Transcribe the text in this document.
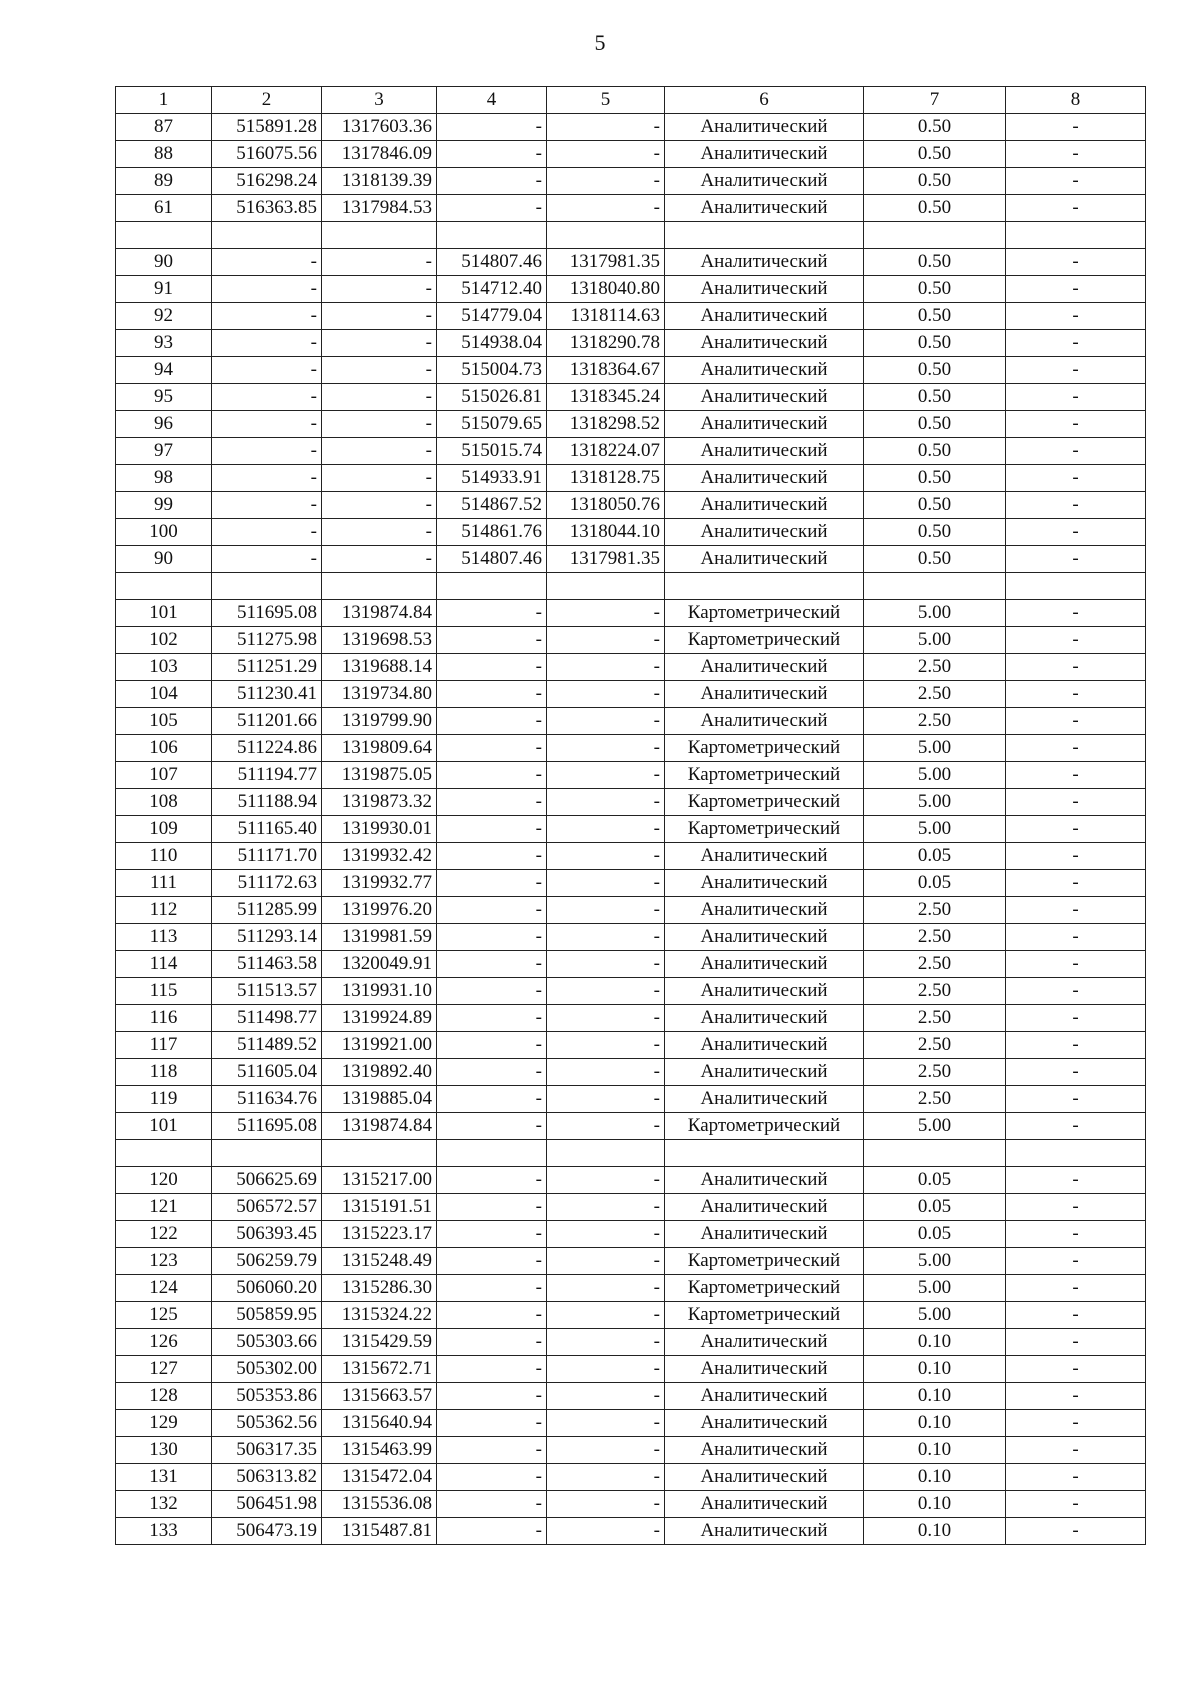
5
1	2	3	4	5	6	7	8
87	515891.28	1317603.36	-	-	Аналитический	0.50	-
88	516075.56	1317846.09	-	-	Аналитический	0.50	-
89	516298.24	1318139.39	-	-	Аналитический	0.50	-
61	516363.85	1317984.53	-	-	Аналитический	0.50	-

90	-	-	514807.46	1317981.35	Аналитический	0.50	-
91	-	-	514712.40	1318040.80	Аналитический	0.50	-
92	-	-	514779.04	1318114.63	Аналитический	0.50	-
93	-	-	514938.04	1318290.78	Аналитический	0.50	-
94	-	-	515004.73	1318364.67	Аналитический	0.50	-
95	-	-	515026.81	1318345.24	Аналитический	0.50	-
96	-	-	515079.65	1318298.52	Аналитический	0.50	-
97	-	-	515015.74	1318224.07	Аналитический	0.50	-
98	-	-	514933.91	1318128.75	Аналитический	0.50	-
99	-	-	514867.52	1318050.76	Аналитический	0.50	-
100	-	-	514861.76	1318044.10	Аналитический	0.50	-
90	-	-	514807.46	1317981.35	Аналитический	0.50	-

101	511695.08	1319874.84	-	-	Картометрический	5.00	-
102	511275.98	1319698.53	-	-	Картометрический	5.00	-
103	511251.29	1319688.14	-	-	Аналитический	2.50	-
104	511230.41	1319734.80	-	-	Аналитический	2.50	-
105	511201.66	1319799.90	-	-	Аналитический	2.50	-
106	511224.86	1319809.64	-	-	Картометрический	5.00	-
107	511194.77	1319875.05	-	-	Картометрический	5.00	-
108	511188.94	1319873.32	-	-	Картометрический	5.00	-
109	511165.40	1319930.01	-	-	Картометрический	5.00	-
110	511171.70	1319932.42	-	-	Аналитический	0.05	-
111	511172.63	1319932.77	-	-	Аналитический	0.05	-
112	511285.99	1319976.20	-	-	Аналитический	2.50	-
113	511293.14	1319981.59	-	-	Аналитический	2.50	-
114	511463.58	1320049.91	-	-	Аналитический	2.50	-
115	511513.57	1319931.10	-	-	Аналитический	2.50	-
116	511498.77	1319924.89	-	-	Аналитический	2.50	-
117	511489.52	1319921.00	-	-	Аналитический	2.50	-
118	511605.04	1319892.40	-	-	Аналитический	2.50	-
119	511634.76	1319885.04	-	-	Аналитический	2.50	-
101	511695.08	1319874.84	-	-	Картометрический	5.00	-

120	506625.69	1315217.00	-	-	Аналитический	0.05	-
121	506572.57	1315191.51	-	-	Аналитический	0.05	-
122	506393.45	1315223.17	-	-	Аналитический	0.05	-
123	506259.79	1315248.49	-	-	Картометрический	5.00	-
124	506060.20	1315286.30	-	-	Картометрический	5.00	-
125	505859.95	1315324.22	-	-	Картометрический	5.00	-
126	505303.66	1315429.59	-	-	Аналитический	0.10	-
127	505302.00	1315672.71	-	-	Аналитический	0.10	-
128	505353.86	1315663.57	-	-	Аналитический	0.10	-
129	505362.56	1315640.94	-	-	Аналитический	0.10	-
130	506317.35	1315463.99	-	-	Аналитический	0.10	-
131	506313.82	1315472.04	-	-	Аналитический	0.10	-
132	506451.98	1315536.08	-	-	Аналитический	0.10	-
133	506473.19	1315487.81	-	-	Аналитический	0.10	-
